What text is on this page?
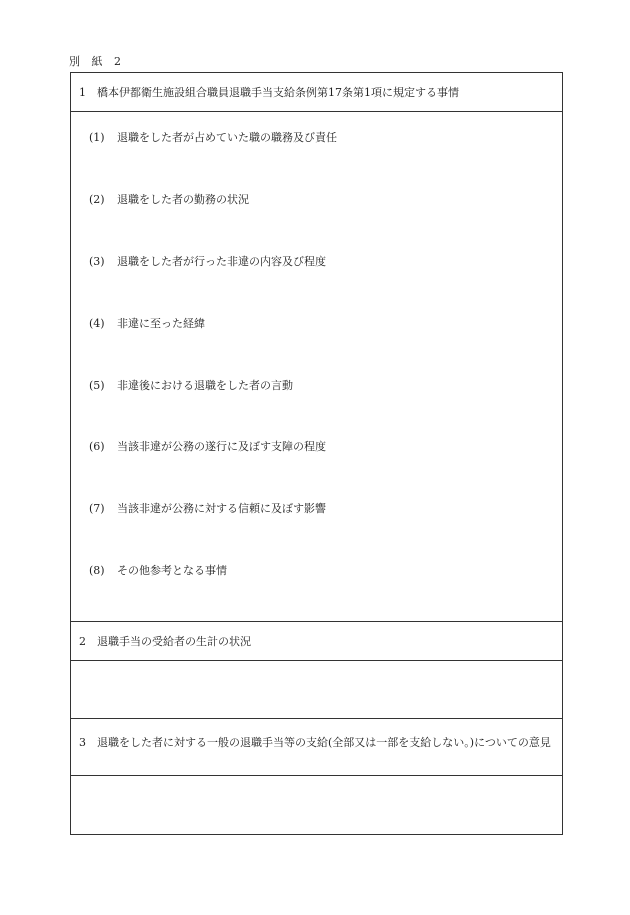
別 紙 2
1	橋本伊都衛生施設組合職員退職手当支給条例第17条第1項に規定する事情
(1) 退職をした者が占めていた職の職務及び責任
(2) 退職をした者の勤務の状況
(3) 退職をした者が行った非違の内容及び程度
(4) 非違に至った経緯
(5) 非違後における退職をした者の言動
(6) 当該非違が公務の遂行に及ぼす支障の程度
(7) 当該非違が公務に対する信頼に及ぼす影響
(8) その他参考となる事情
2	退職手当の受給者の生計の状況
3	退職をした者に対する一般の退職手当等の支給(全部又は一部を支給しない。)についての意見
